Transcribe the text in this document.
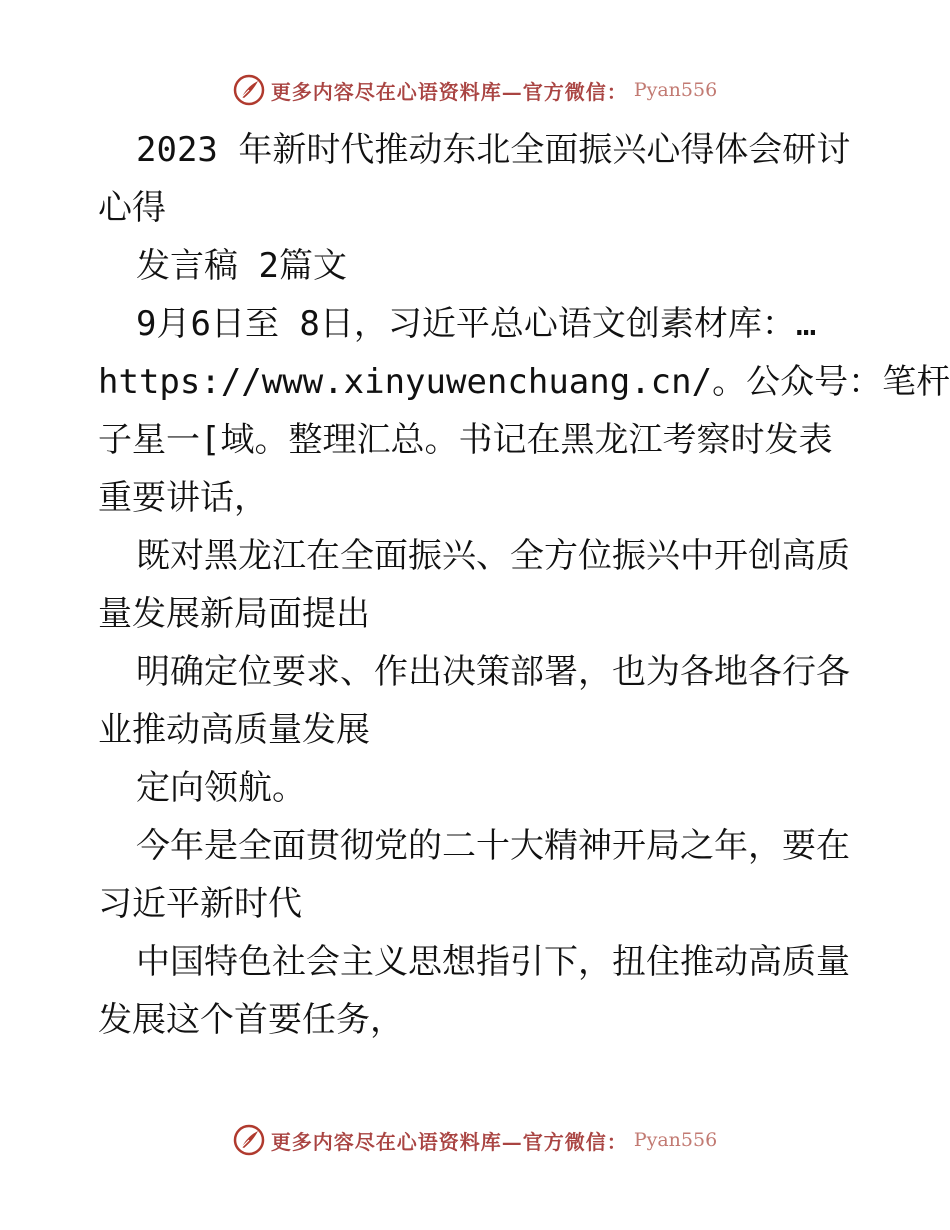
更多内容尽在心语资料库—官方微信： Pyan556
2023 年新时代推动东北全面振兴心得体会研讨
心得
发言稿 2篇文
9月6日至 8日，习近平总心语文创素材库：…
https://www.xinyuwenchuang.cn/。公众号：笔杆
子星一[域。整理汇总。书记在黑龙江考察时发表
重要讲话，
既对黑龙江在全面振兴、全方位振兴中开创高质
量发展新局面提出
明确定位要求、作出决策部署，也为各地各行各
业推动高质量发展
定向领航。
今年是全面贯彻党的二十大精神开局之年，要在
习近平新时代
中国特色社会主义思想指引下，扭住推动高质量
发展这个首要任务，
更多内容尽在心语资料库—官方微信： Pyan556
